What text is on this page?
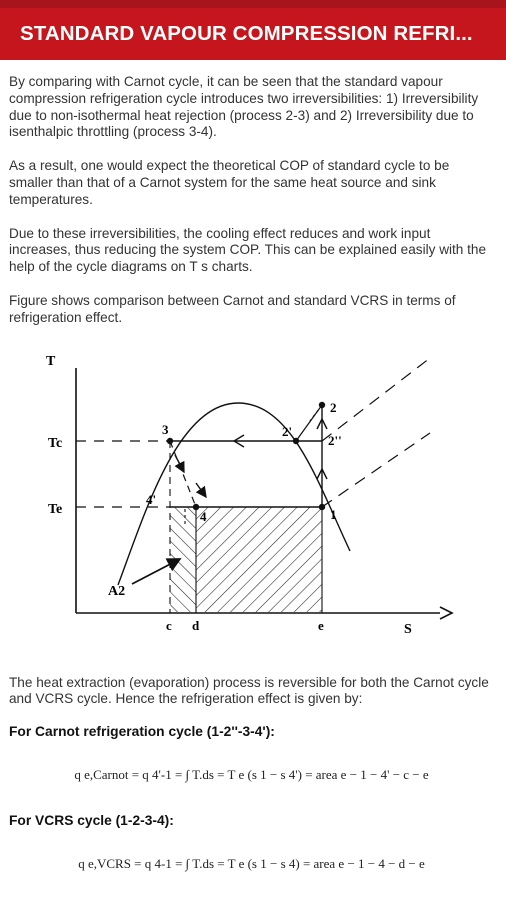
STANDARD VAPOUR COMPRESSION REFRI...

By comparing with Carnot cycle, it can be seen that the standard vapour compression refrigeration cycle introduces two irreversibilities: 1) Irreversibility due to non-isothermal heat rejection (process 2-3) and 2) Irreversibility due to isenthalpic throttling (process 3-4).

As a result, one would expect the theoretical COP of standard cycle to be smaller than that of a Carnot system for the same heat source and sink temperatures.

Due to these irreversibilities, the cooling effect reduces and work input increases, thus reducing the system COP. This can be explained easily with the help of the cycle diagrams on T s charts.

Figure shows comparison between Carnot and standard VCRS in terms of refrigeration effect.

T
S
Tc
Te
3
1
2
2''
2'
4
4'
A2
c d	e

The heat extraction (evaporation) process is reversible for both the Carnot cycle and VCRS cycle. Hence the refrigeration effect is given by:

For Carnot refrigeration cycle (1-2''-3-4'):
q e,Carnot = q 4'-1 = ∫ T.ds = T e (s 1 − s 4') = area e − 1 − 4' − c − e
For VCRS cycle (1-2-3-4):
q e,VCRS = q 4-1 = ∫ T.ds = T e (s 1 − s 4) = area e − 1 − 4 − d − e
